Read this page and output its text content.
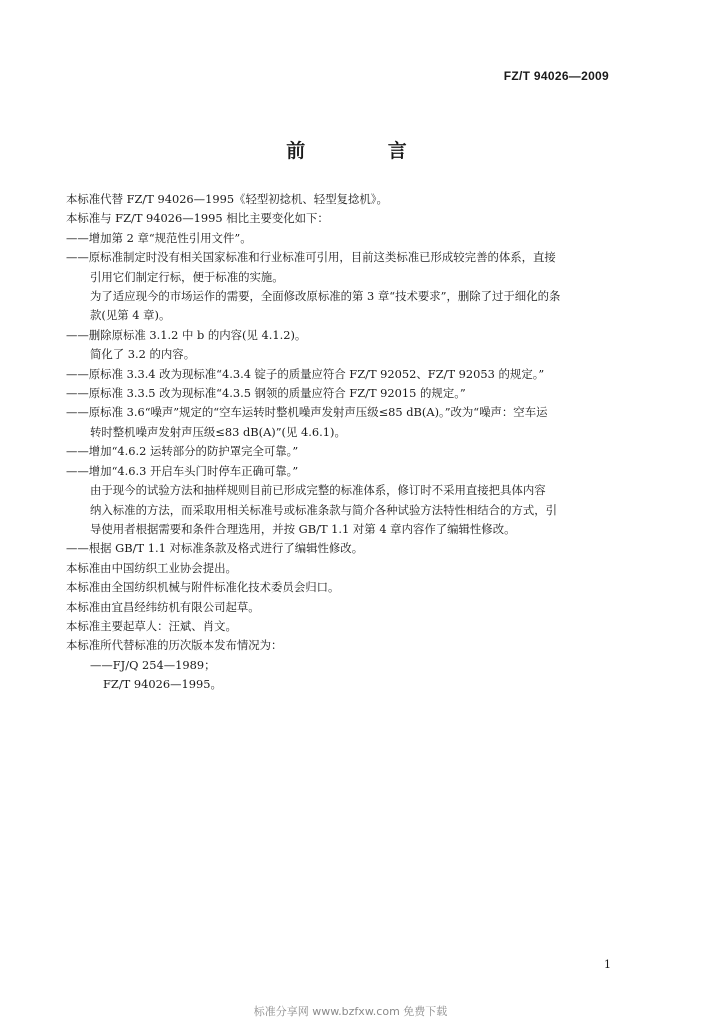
FZ/T 94026—2009
前 言
本标准代替 FZ/T 94026—1995《轻型初捻机、轻型复捻机》。
本标准与 FZ/T 94026—1995 相比主要变化如下：
——增加第 2 章“规范性引用文件”。
——原标准制定时没有相关国家标准和行业标准可引用，目前这类标准已形成较完善的体系，直接
引用它们制定行标，便于标准的实施。
为了适应现今的市场运作的需要，全面修改原标准的第 3 章“技术要求”，删除了过于细化的条
款(见第 4 章)。
——删除原标准 3.1.2 中 b 的内容(见 4.1.2)。
简化了 3.2 的内容。
——原标准 3.3.4 改为现标准“4.3.4 锭子的质量应符合 FZ/T 92052、FZ/T 92053 的规定。”
——原标准 3.3.5 改为现标准“4.3.5 钢领的质量应符合 FZ/T 92015 的规定。”
——原标准 3.6“噪声”规定的“空车运转时整机噪声发射声压级≤85 dB(A)。”改为“噪声：空车运
转时整机噪声发射声压级≤83 dB(A)”(见 4.6.1)。
——增加“4.6.2 运转部分的防护罩完全可靠。”
——增加“4.6.3 开启车头门时停车正确可靠。”
由于现今的试验方法和抽样规则目前已形成完整的标准体系，修订时不采用直接把具体内容
纳入标准的方法，而采取用相关标准号或标准条款与简介各种试验方法特性相结合的方式，引
导使用者根据需要和条件合理选用，并按 GB/T 1.1 对第 4 章内容作了编辑性修改。
——根据 GB/T 1.1 对标准条款及格式进行了编辑性修改。
本标准由中国纺织工业协会提出。
本标准由全国纺织机械与附件标准化技术委员会归口。
本标准由宜昌经纬纺机有限公司起草。
本标准主要起草人：汪斌、肖文。
本标准所代替标准的历次版本发布情况为：
——FJ/Q 254—1989；
FZ/T 94026—1995。
1
标准分享网 www.bzfxw.com 免费下载
